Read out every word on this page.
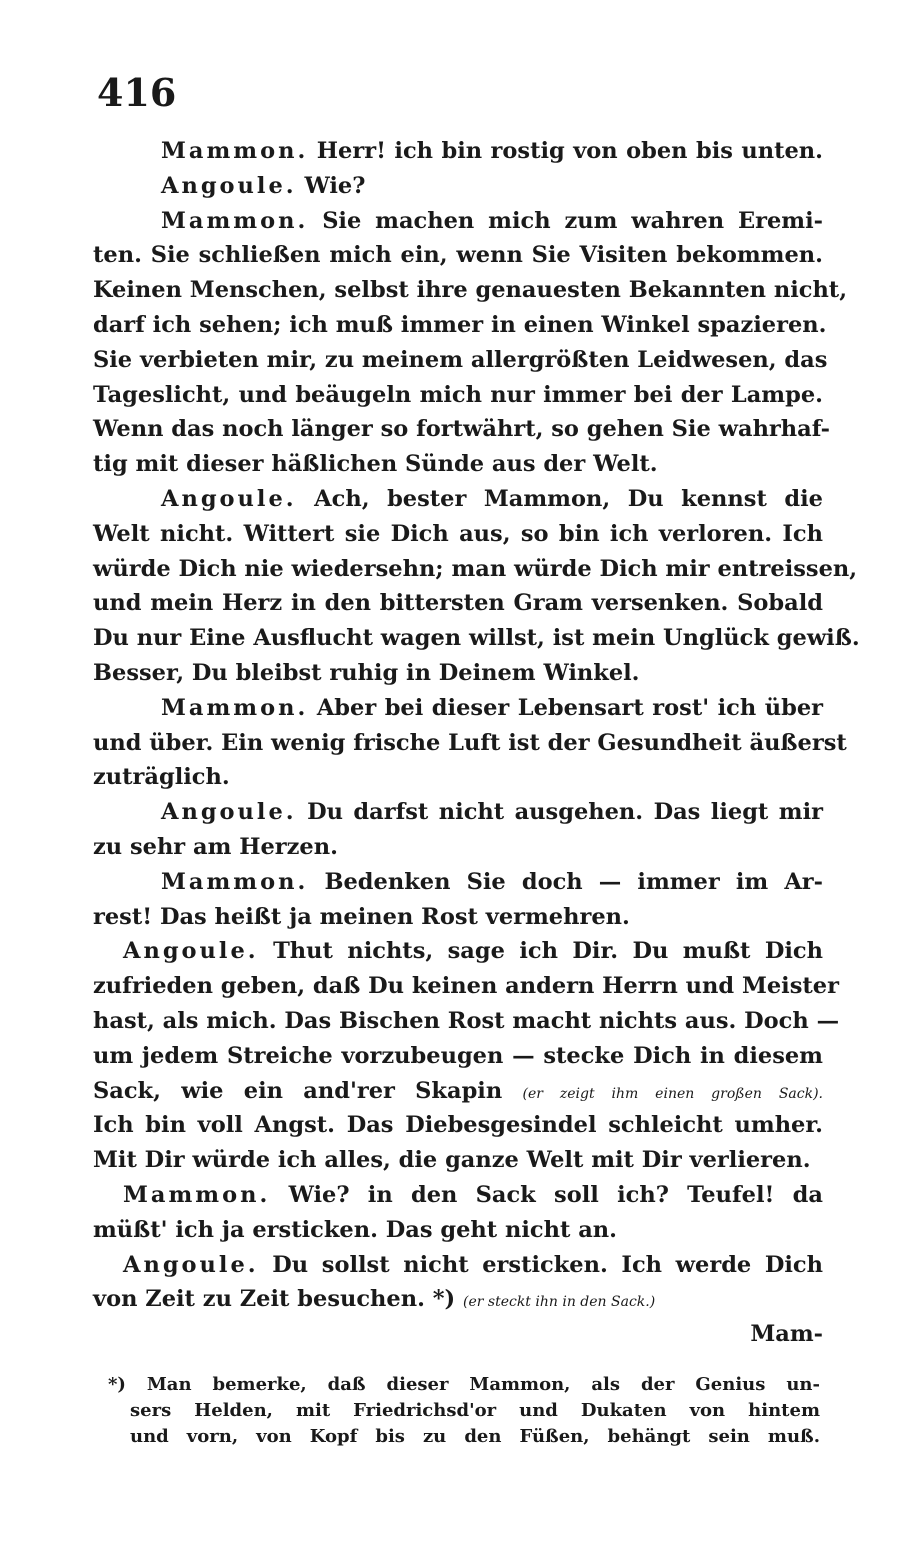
416
Mammon. Herr! ich bin rostig von oben bis unten.
Angoule. Wie?
Mammon. Sie machen mich zum wahren Eremi-
ten. Sie schließen mich ein, wenn Sie Visiten bekommen.
Keinen Menschen, selbst ihre genauesten Bekannten nicht,
darf ich sehen; ich muß immer in einen Winkel spazieren.
Sie verbieten mir, zu meinem allergrößten Leidwesen, das
Tageslicht, und beäugeln mich nur immer bei der Lampe.
Wenn das noch länger so fortwährt, so gehen Sie wahrhaf-
tig mit dieser häßlichen Sünde aus der Welt.
Angoule. Ach, bester Mammon, Du kennst die
Welt nicht. Wittert sie Dich aus, so bin ich verloren. Ich
würde Dich nie wiedersehn; man würde Dich mir entreissen,
und mein Herz in den bittersten Gram versenken. Sobald
Du nur Eine Ausflucht wagen willst, ist mein Unglück gewiß.
Besser, Du bleibst ruhig in Deinem Winkel.
Mammon. Aber bei dieser Lebensart rost' ich über
und über. Ein wenig frische Luft ist der Gesundheit äußerst
zuträglich.
Angoule. Du darfst nicht ausgehen. Das liegt mir
zu sehr am Herzen.
Mammon. Bedenken Sie doch — immer im Ar-
rest! Das heißt ja meinen Rost vermehren.
Angoule. Thut nichts, sage ich Dir. Du mußt Dich
zufrieden geben, daß Du keinen andern Herrn und Meister
hast, als mich. Das Bischen Rost macht nichts aus. Doch —
um jedem Streiche vorzubeugen — stecke Dich in diesem
Sack, wie ein and'rer Skapin (er zeigt ihm einen großen Sack).
Ich bin voll Angst. Das Diebesgesindel schleicht umher.
Mit Dir würde ich alles, die ganze Welt mit Dir verlieren.
Mammon. Wie? in den Sack soll ich? Teufel! da
müßt' ich ja ersticken. Das geht nicht an.
Angoule. Du sollst nicht ersticken. Ich werde Dich
von Zeit zu Zeit besuchen. *) (er steckt ihn in den Sack.)
Mam-
*) Man bemerke, daß dieser Mammon, als der Genius un-
sers Helden, mit Friedrichsd'or und Dukaten von hintem
und vorn, von Kopf bis zu den Füßen, behängt sein muß.
